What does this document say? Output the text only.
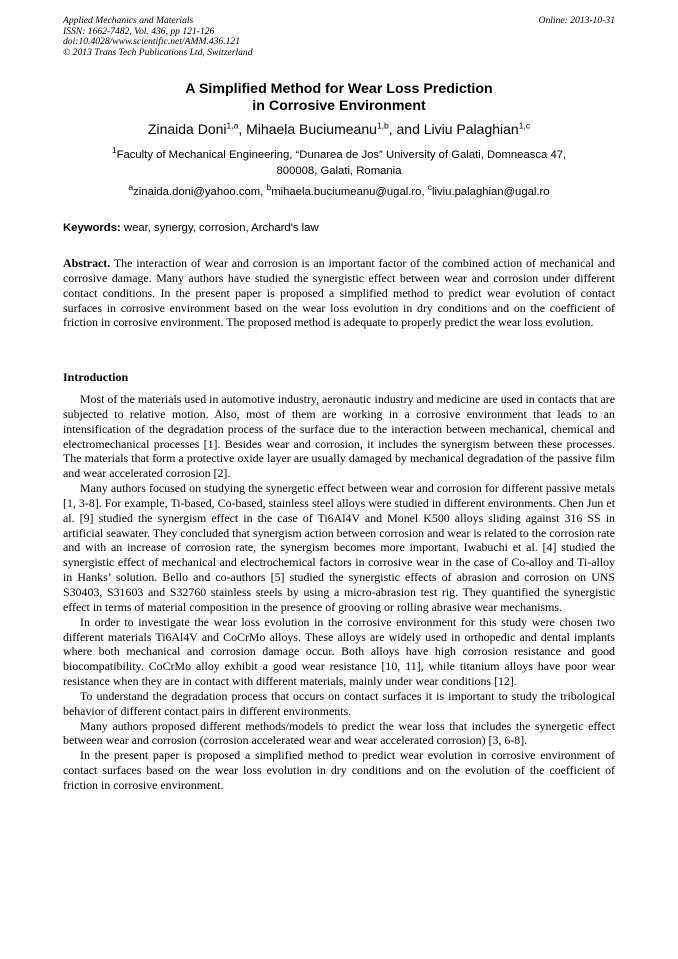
Applied Mechanics and Materials
ISSN: 1662-7482, Vol. 436, pp 121-126
doi:10.4028/www.scientific.net/AMM.436.121
© 2013 Trans Tech Publications Ltd, Switzerland
Online: 2013-10-31
A Simplified Method for Wear Loss Prediction
in Corrosive Environment
Zinaida Doni$^{1,a}$, Mihaela Buciumeanu$^{1,b}$, and Liviu Palaghian$^{1,c}$
$^1$Faculty of Mechanical Engineering, “Dunarea de Jos” University of Galati, Domneasca 47,
800008, Galati, Romania
$^a$zinaida.doni@yahoo.com, $^b$mihaela.buciumeanu@ugal.ro, $^c$liviu.palaghian@ugal.ro
Keywords: wear, synergy, corrosion, Archard's law
Abstract. The interaction of wear and corrosion is an important factor of the combined action of mechanical and corrosive damage. Many authors have studied the synergistic effect between wear and corrosion under different contact conditions. In the present paper is proposed a simplified method to predict wear evolution of contact surfaces in corrosive environment based on the wear loss evolution in dry conditions and on the coefficient of friction in corrosive environment. The proposed method is adequate to properly predict the wear loss evolution.
Introduction

Most of the materials used in automotive industry, aeronautic industry and medicine are used in contacts that are subjected to relative motion. Also, most of them are working in a corrosive environment that leads to an intensification of the degradation process of the surface due to the interaction between mechanical, chemical and electromechanical processes [1]. Besides wear and corrosion, it includes the synergism between these processes. The materials that form a protective oxide layer are usually damaged by mechanical degradation of the passive film and wear accelerated corrosion [2].

Many authors focused on studying the synergetic effect between wear and corrosion for different passive metals [1, 3-8]. For example, Ti-based, Co-based, stainless steel alloys were studied in different environments. Chen Jun et al. [9] studied the synergism effect in the case of Ti6Al4V and Monel K500 alloys sliding against 316 SS in artificial seawater. They concluded that synergism action between corrosion and wear is related to the corrosion rate and with an increase of corrosion rate, the synergism becomes more important. Iwabuchi et al. [4] studied the synergistic effect of mechanical and electrochemical factors in corrosive wear in the case of Co-alloy and Ti-alloy in Hanks’ solution. Bello and co-authors [5] studied the synergistic effects of abrasion and corrosion on UNS S30403, S31603 and S32760 stainless steels by using a micro-abrasion test rig. They quantified the synergistic effect in terms of material composition in the presence of grooving or rolling abrasive wear mechanisms.

In order to investigate the wear loss evolution in the corrosive environment for this study were chosen two different materials Ti6Al4V and CoCrMo alloys. These alloys are widely used in orthopedic and dental implants where both mechanical and corrosion damage occur. Both alloys have high corrosion resistance and good biocompatibility. CoCrMo alloy exhibit a good wear resistance [10, 11], while titanium alloys have poor wear resistance when they are in contact with different materials, mainly under wear conditions [12].

To understand the degradation process that occurs on contact surfaces it is important to study the tribological behavior of different contact pairs in different environments.

Many authors proposed different methods/models to predict the wear loss that includes the synergetic effect between wear and corrosion (corrosion accelerated wear and wear accelerated corrosion) [3, 6-8].

In the present paper is proposed a simplified method to predict wear evolution in corrosive environment of contact surfaces based on the wear loss evolution in dry conditions and on the evolution of the coefficient of friction in corrosive environment.
